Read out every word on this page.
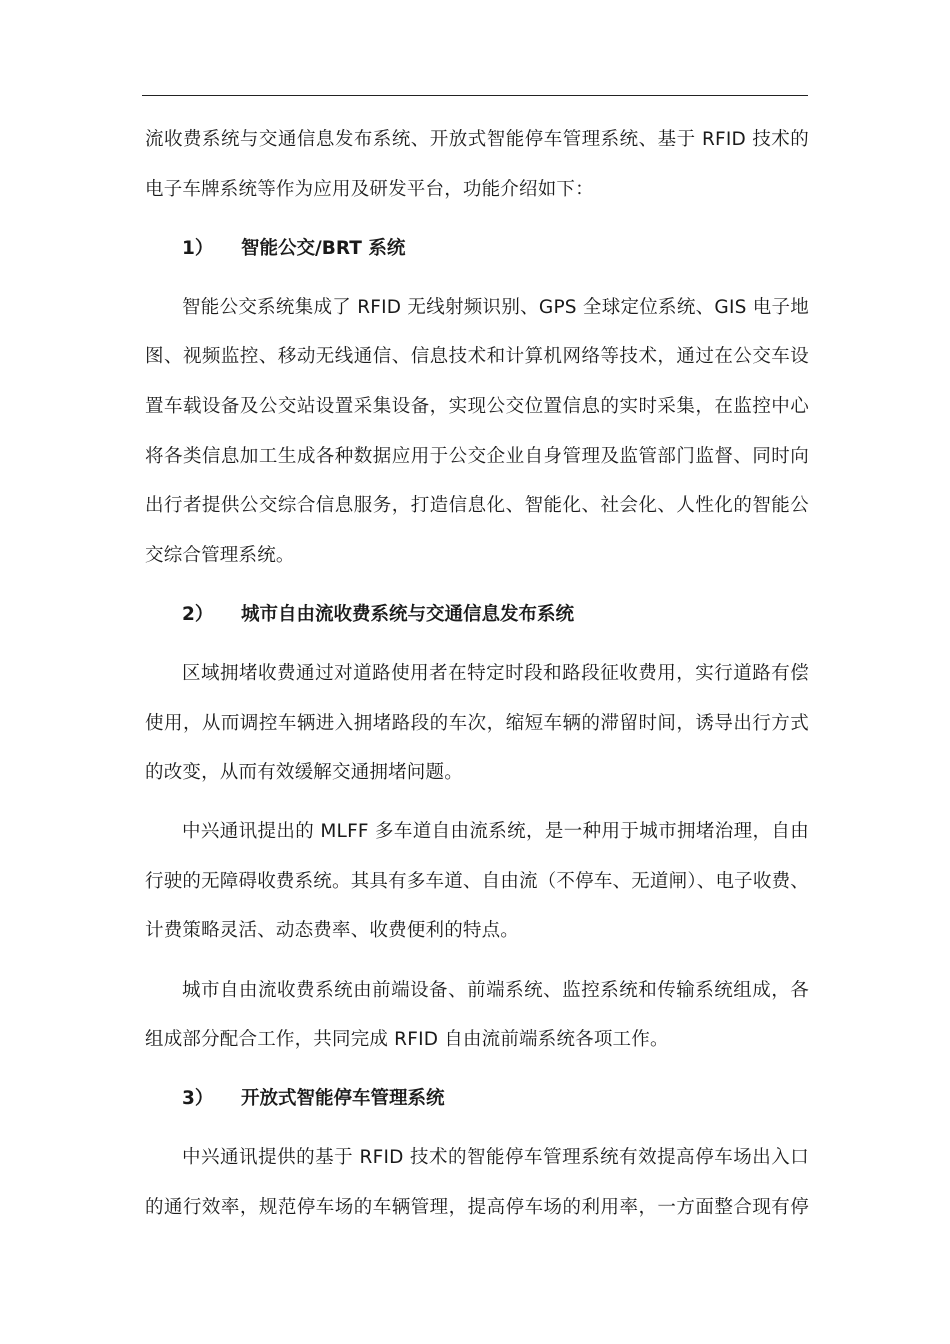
流收费系统与交通信息发布系统、开放式智能停车管理系统、基于 RFID 技术的
电子车牌系统等作为应用及研发平台，功能介绍如下：
1） 智能公交/BRT 系统
智能公交系统集成了 RFID 无线射频识别、GPS 全球定位系统、GIS 电子地
图、视频监控、移动无线通信、信息技术和计算机网络等技术，通过在公交车设
置车载设备及公交站设置采集设备，实现公交位置信息的实时采集，在监控中心
将各类信息加工生成各种数据应用于公交企业自身管理及监管部门监督、同时向
出行者提供公交综合信息服务，打造信息化、智能化、社会化、人性化的智能公
交综合管理系统。
2） 城市自由流收费系统与交通信息发布系统
区域拥堵收费通过对道路使用者在特定时段和路段征收费用，实行道路有偿
使用，从而调控车辆进入拥堵路段的车次，缩短车辆的滞留时间，诱导出行方式
的改变，从而有效缓解交通拥堵问题。
中兴通讯提出的 MLFF 多车道自由流系统，是一种用于城市拥堵治理，自由
行驶的无障碍收费系统。其具有多车道、自由流（不停车、无道闸）、电子收费、
计费策略灵活、动态费率、收费便利的特点。
城市自由流收费系统由前端设备、前端系统、监控系统和传输系统组成，各
组成部分配合工作，共同完成 RFID 自由流前端系统各项工作。
3） 开放式智能停车管理系统
中兴通讯提供的基于 RFID 技术的智能停车管理系统有效提高停车场出入口
的通行效率，规范停车场的车辆管理，提高停车场的利用率，一方面整合现有停
